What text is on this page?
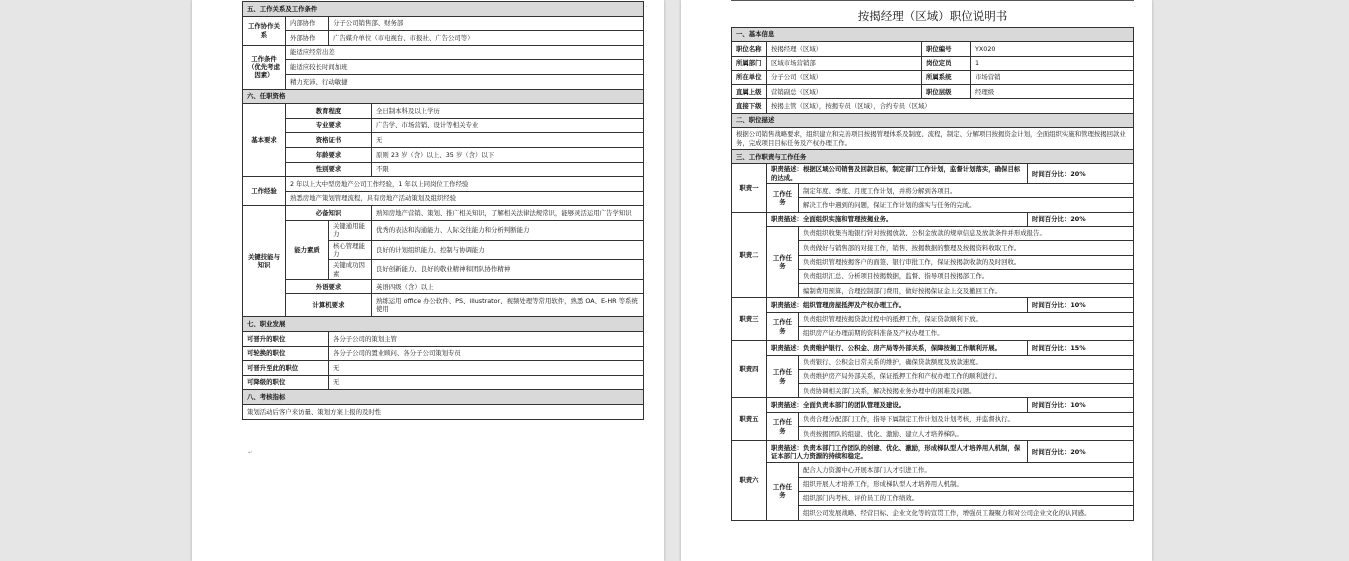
五、工作关系及工作条件			
工作协作关系	内部协作	分子公司销售部、财务部	
	外部协作	广告媒介单位（市电视台、市报社、广告公司等）	
工作条件（优先考虑因素）	能适应经常出差		
	能适应较长时间加班		
	精力充沛、行动敏捷		
六、任职资格			
基本要求	教育程度		全日制本科及以上学历
	专业要求		广告学、市场营销、设计等相关专业
	资格证书		无
	年龄要求		原则 23 岁（含）以上、35 岁（含）以下
	性别要求		不限
工作经验	2 年以上大中型房地产公司工作经验，1 年以上同岗位工作经验		
	熟悉房地产策划管理流程，具有房地产活动策划及组织经验		
关键技能与知识	必备知识		熟知房地产营销、策划、推广相关知识，了解相关法律法规常识，能够灵活运用广告学知识
	能力素质	关键通用能力	优秀的表达和沟通能力、人际交往能力和分析判断能力
		核心管理能力	良好的计划组织能力、控制与协调能力
		关键成功因素	良好创新能力、良好的敬业精神和团队协作精神
	外语要求		英语四级（含）以上
	计算机要求		熟练运用 office 办公软件、PS、illustrator、视频处理等常用软件，熟悉 OA、E-HR 等系统使用
七、职业发展			
可晋升的职位		各分子公司的策划主管	
可轮换的职位		各分子公司的置业顾问、各分子公司策划专员	
可晋升至此的职位		无	
可降级的职位		无	
八、考核指标			
策划活动后客户来访量、策划方案上报的及时性			
按揭经理（区域）职位说明书
一、基本信息					
职位名称	按揭经理（区域）		职位编号	YX020	
所属部门	区域市场营销部		岗位定员	1	
所在单位	分子公司（区域）		所属系统	市场营销	
直属上级	营销副总（区域）		职位层级	经理级	
直接下级	按揭主管（区域），按揭专员（区域），合约专员（区域）				
二、职位描述					
根据公司销售战略要求，组织建立和完善项目按揭管理体系及制度、流程，制定、分解项目按揭资金计划，全面组织实施和管理按揭回款业务，完成项目目标任务及产权办理工作。					
三、工作职责与工作任务					
职责一	职责描述：根据区域公司销售及回款目标，制定部门工作计划，监督计划落实，确保目标的达成。				时间百分比：20%
	工作任务	制定年度、季度、月度工作计划，并将分解到各项目。			
		解决工作中遇到的问题，保证工作计划的落实与任务的完成。			
职责二	职责描述：全面组织实施和管理按揭业务。				时间百分比：20%
	工作任务	负责组织收集当地银行针对按揭放款、公积金放款的规章信息及放款条件并形成报告。			
		负责做好与销售部的对接工作，销售、按揭数据的整理及按揭资料收取工作。			
		负责组织管理按揭客户的面签、银行审批工作，保证按揭款收款的及时回收。			
		负责组织汇总、分析项目按揭数据，监督、指导项目按揭部工作。			
		编制费用预算，合理控制部门费用，做好按揭保证金上交及撤回工作。			
职责三	职责描述：组织管理房屋抵押及产权办理工作。				时间百分比：10%
	工作任务	负责组织管理按揭贷款过程中的抵押工作，保证贷款顺利下放。			
		组织房产证办理前期的资料准备及产权办理工作。			
职责四	职责描述：负责维护银行、公积金、房产局等外部关系，保障按揭工作顺利开展。				时间百分比：15%
	工作任务	负责银行、公积金日常关系的维护，确保贷款额度及放款速度。			
		负责维护房产局外部关系，保证抵押工作和产权办理工作的顺利进行。			
		负责协调相关部门关系，解决按揭业务办理中的困难及问题。			
职责五	职责描述：全面负责本部门的团队管理及建设。				时间百分比：10%
	工作任务	负责合理分配部门工作，指导下属制定工作计划及计划考核，并监督执行。			
		负责按揭团队的组建、优化、激励、建立人才培养梯队。			
职责六	职责描述：负责本部门工作团队的创建、优化、激励，形成梯队型人才培养用人机制，保证本部门人力资源的持续和稳定。				时间百分比：20%
	工作任务	配合人力资源中心开展本部门人才引进工作。			
		组织开展人才培养工作，形成梯队型人才培养用人机制。			
		组织部门内考核、评价员工的工作绩效。			
		组织公司发展战略、经营目标、企业文化等的宣贯工作，增强员工凝聚力和对公司企业文化的认同感。			
·	·
↵
